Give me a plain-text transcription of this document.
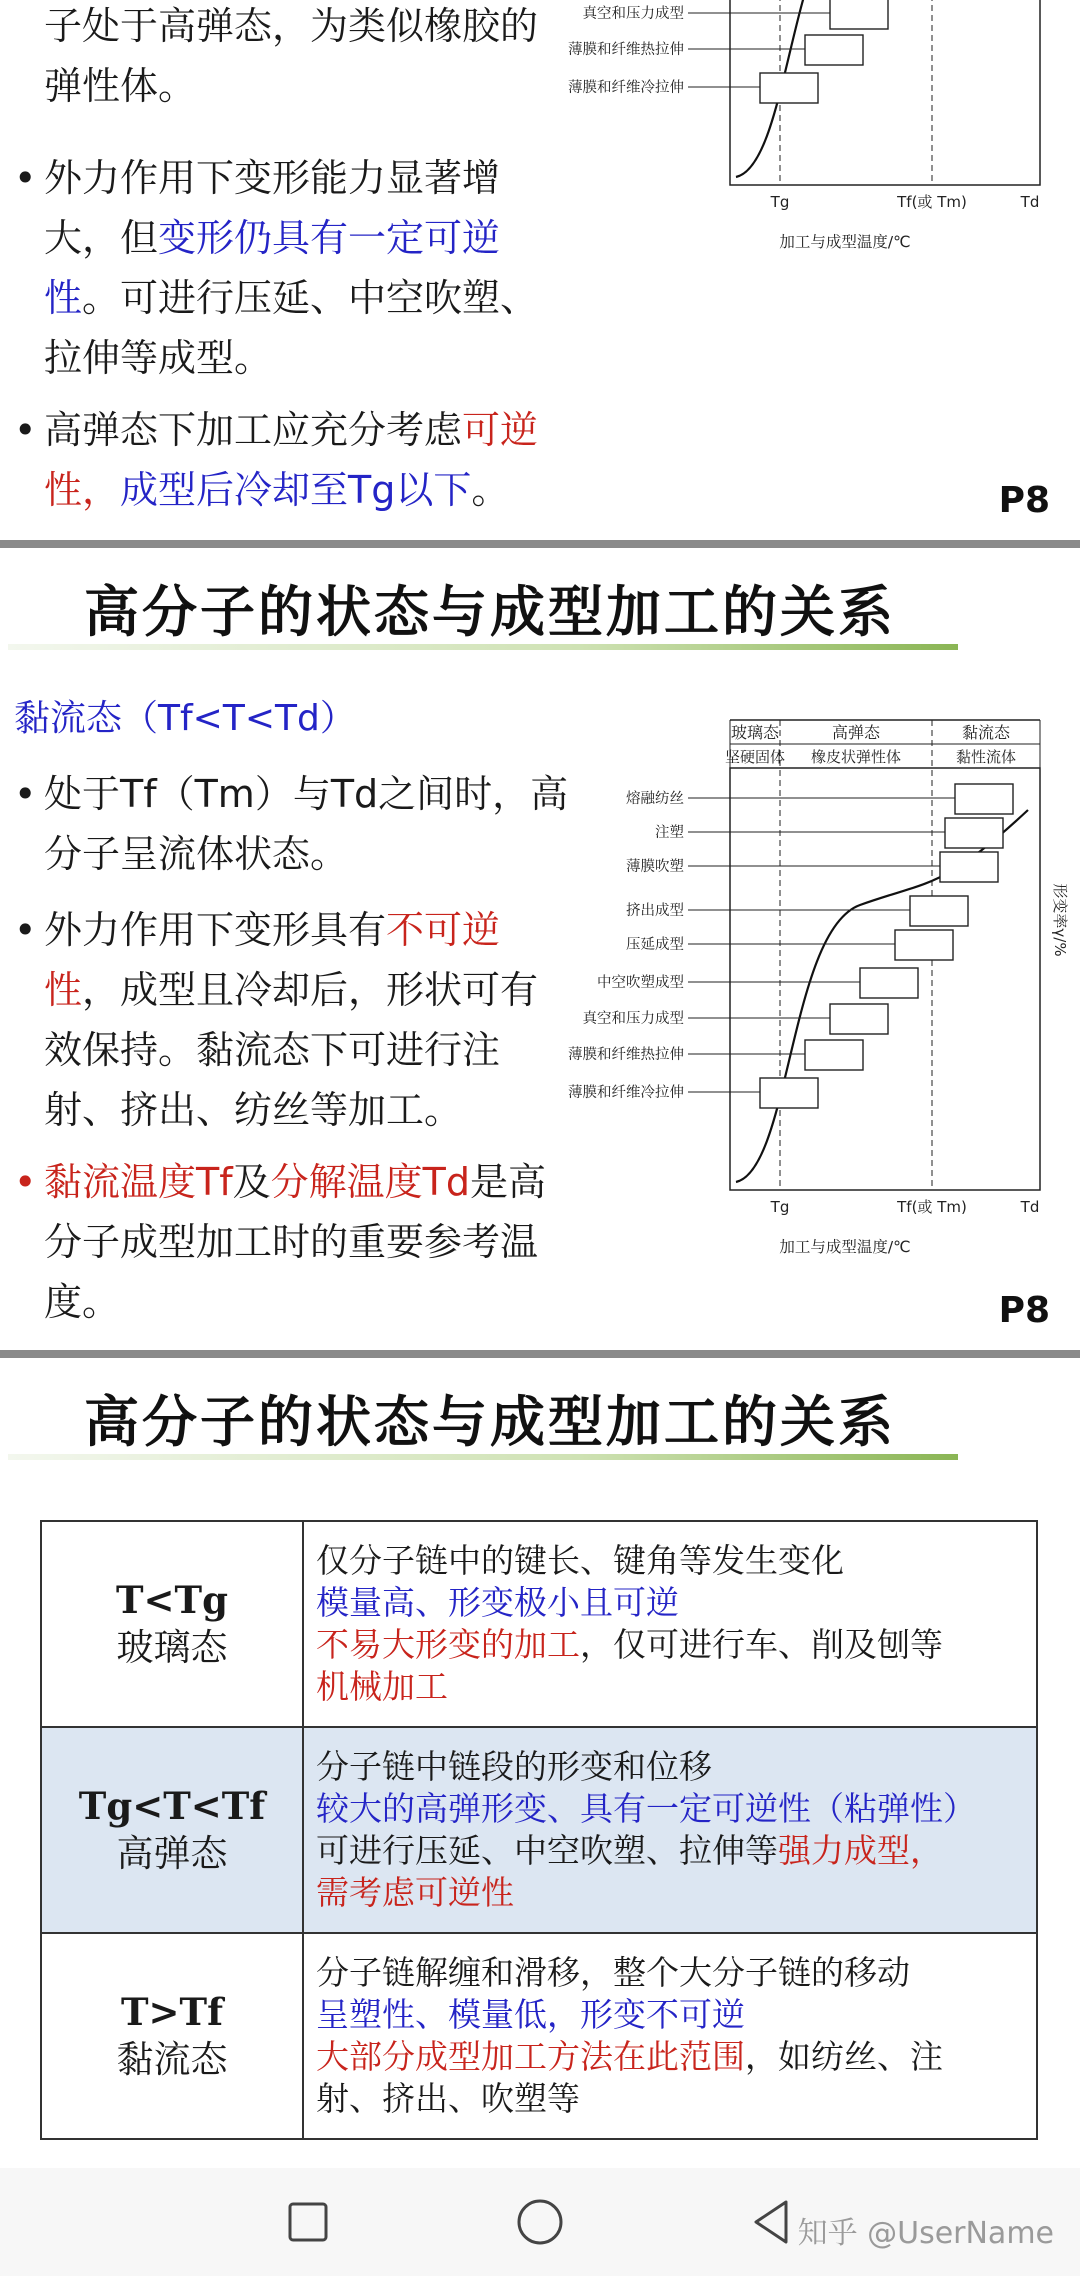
子处于高弹态，为类似橡胶的弹性体。
• 外力作用下变形能力显著增大，但变形仍具有一定可逆性。可进行压延、中空吹塑、拉伸等成型。
• 高弹态下加工应充分考虑可逆性，成型后冷却至Tg以下。
真空和压力成型
薄膜和纤维热拉伸
薄膜和纤维冷拉伸
Tg	Tf(或 Tm)	Td
加工与成型温度/℃
P8
高分子的状态与成型加工的关系
黏流态（Tf<T<Td）
• 处于Tf（Tm）与Td之间时，高分子呈流体状态。
• 外力作用下变形具有不可逆性，成型且冷却后，形状可有效保持。黏流态下可进行注射、挤出、纺丝等加工。
• 黏流温度Tf及分解温度Td是高分子成型加工时的重要参考温度。
玻璃态	高弹态	黏流态
坚硬固体 橡皮状弹性体	黏性流体
熔融纺丝
注塑
薄膜吹塑
挤出成型
压延成型
中空吹塑成型
真空和压力成型
薄膜和纤维热拉伸
薄膜和纤维冷拉伸
Tg	Tf(或 Tm)	Td
加工与成型温度/℃
形变率γ/%
P8
高分子的状态与成型加工的关系
T<Tg
玻璃态	仅分子链中的键长、键角等发生变化
模量高、形变极小且可逆
不易大形变的加工，仅可进行车、削及刨等
机械加工

Tg<T<Tf
高弹态	分子链中链段的形变和位移
较大的高弹形变、具有一定可逆性（粘弹性）
可进行压延、中空吹塑、拉伸等强力成型，
需考虑可逆性

T>Tf
黏流态	分子链解缠和滑移，整个大分子链的移动
呈塑性、模量低，形变不可逆
大部分成型加工方法在此范围，如纺丝、注
射、挤出、吹塑等
知乎 @UserName
